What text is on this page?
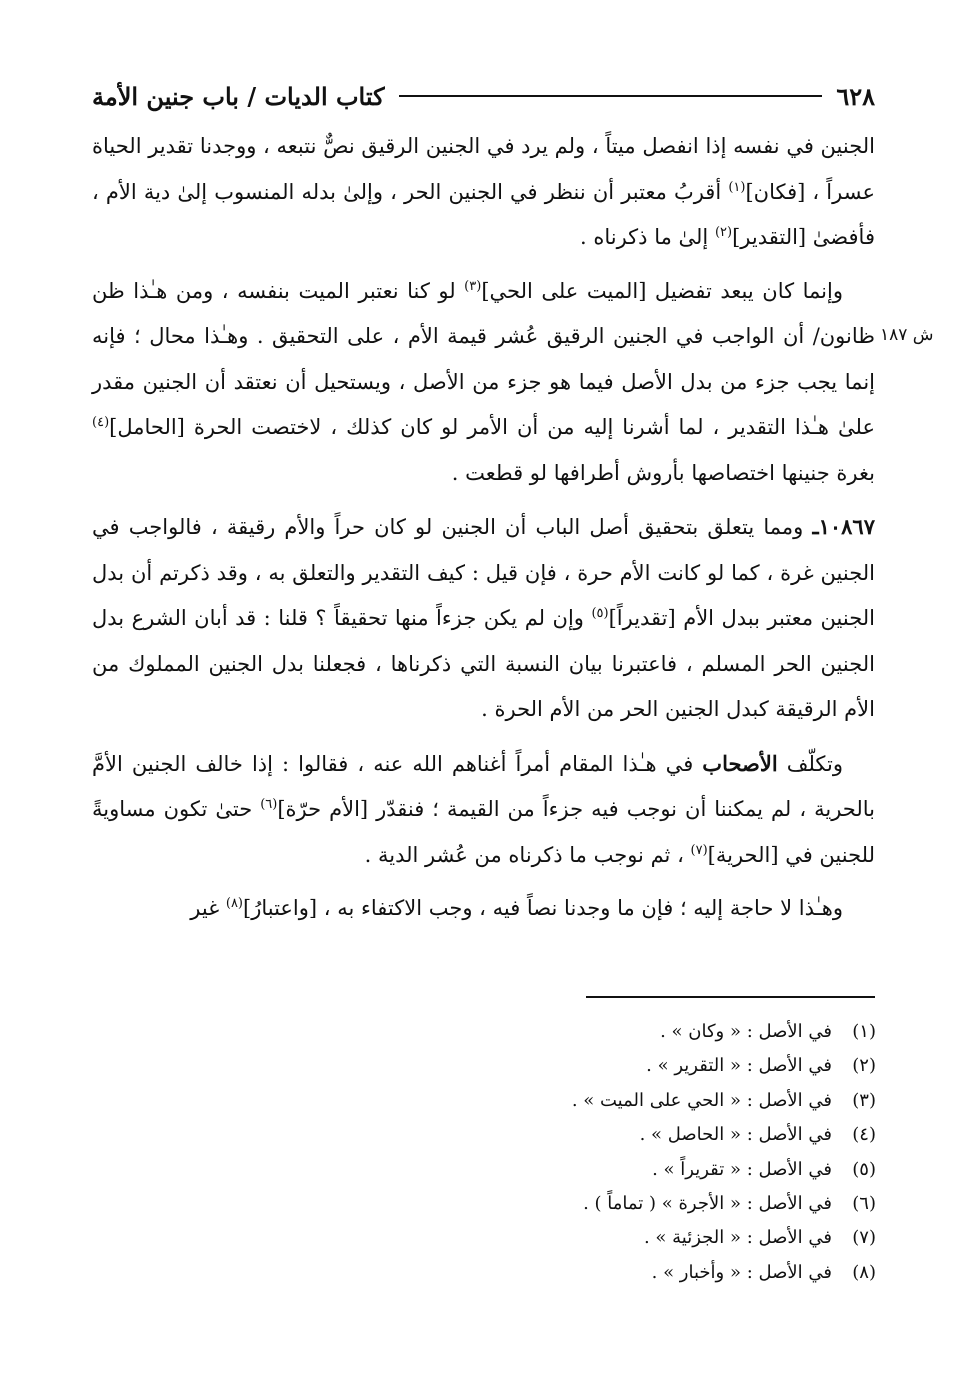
٦٢٨
كتاب الديات / باب جنين الأمة
ش ١٨٧

الجنين في نفسه إذا انفصل ميتاً ، ولم يرد في الجنين الرقيق نصٌّ نتبعه ، ووجدنا تقدير الحياة عسراً ، [فكان]$^{(١)}$ أقربُ معتبر أن ننظر في الجنين الحر ، وإلىٰ بدله المنسوب إلىٰ دية الأم ، فأفضىٰ [التقدير]$^{(٢)}$ إلىٰ ما ذكرناه .

وإنما كان يبعد تفضيل [الميت على الحي]$^{(٣)}$ لو كنا نعتبر الميت بنفسه ، ومن هـٰذا ظن ظانون/ أن الواجب في الجنين الرقيق عُشر قيمة الأم ، على التحقيق . وهـٰذا محال ؛ فإنه إنما يجب جزء من بدل الأصل فيما هو جزء من الأصل ، ويستحيل أن نعتقد أن الجنين مقدر علىٰ هـٰذا التقدير ، لما أشرنا إليه من أن الأمر لو كان كذلك ، لاختصت الحرة [الحامل]$^{(٤)}$ بغرة جنينها اختصاصها بأروش أطرافها لو قطعت .

١٠٨٦٧ـ ومما يتعلق بتحقيق أصل الباب أن الجنين لو كان حراً والأم رقيقة ، فالواجب في الجنين غرة ، كما لو كانت الأم حرة ، فإن قيل : كيف التقدير والتعلق به ، وقد ذكرتم أن بدل الجنين معتبر ببدل الأم [تقديراً]$^{(٥)}$ وإن لم يكن جزءاً منها تحقيقاً ؟ قلنا : قد أبان الشرع بدل الجنين الحر المسلم ، فاعتبرنا بيان النسبة التي ذكرناها ، فجعلنا بدل الجنين المملوك من الأم الرقيقة كبدل الجنين الحر من الأم الحرة .

وتكلّف الأصحاب في هـٰذا المقام أمراً أغناهم الله عنه ، فقالوا : إذا خالف الجنين الأمَّ بالحرية ، لم يمكننا أن نوجب فيه جزءاً من القيمة ؛ فنقدّر [الأم حرّة]$^{(٦)}$ حتىٰ تكون مساويةً للجنين في [الحرية]$^{(٧)}$ ، ثم نوجب ما ذكرناه من عُشر الدية .

وهـٰذا لا حاجة إليه ؛ فإن ما وجدنا نصاً فيه ، وجب الاكتفاء به ، [واعتبارُ]$^{(٨)}$ غير

(١)في الأصل : « وكان » .
(٢)في الأصل : « التقرير » .
(٣)في الأصل : « الحي على الميت » .
(٤)في الأصل : « الحاصل » .
(٥)في الأصل : « تقريراً » .
(٦)في الأصل : « الأجرة » ( تماماً ) .
(٧)في الأصل : « الجزئية » .
(٨)في الأصل : « وأخبار » .
